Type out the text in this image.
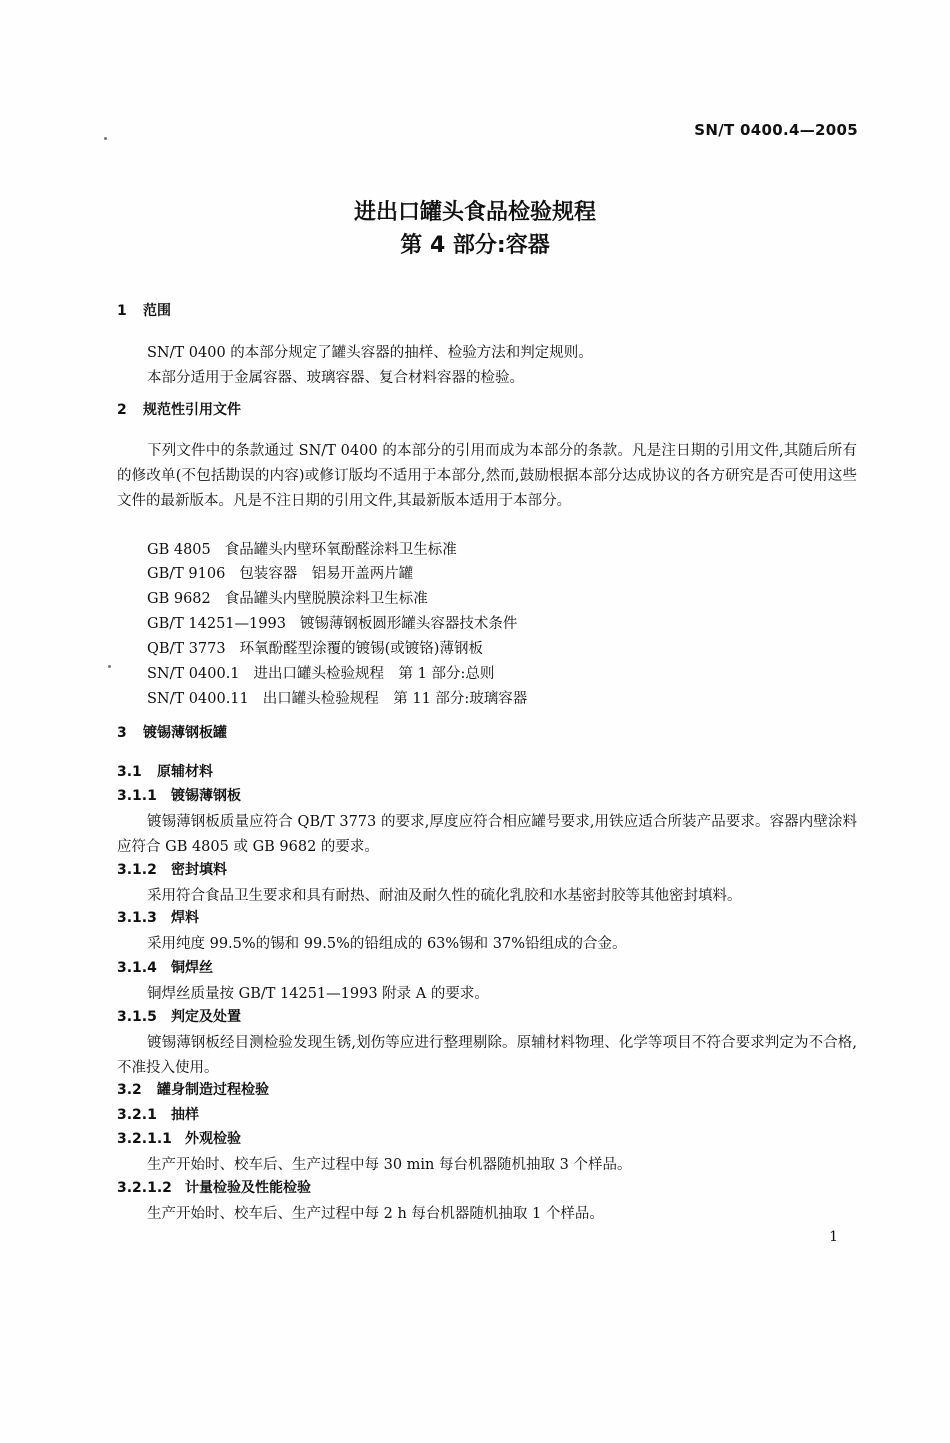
SN/T 0400.4—2005
进出口罐头食品检验规程
第 4 部分:容器
1 范围

SN/T 0400 的本部分规定了罐头容器的抽样、检验方法和判定规则。

本部分适用于金属容器、玻璃容器、复合材料容器的检验。

2 规范性引用文件

下列文件中的条款通过 SN/T 0400 的本部分的引用而成为本部分的条款。凡是注日期的引用文件,其随后所有的修改单(不包括勘误的内容)或修订版均不适用于本部分,然而,鼓励根据本部分达成协议的各方研究是否可使用这些文件的最新版本。凡是不注日期的引用文件,其最新版本适用于本部分。

GB 4805 食品罐头内壁环氧酚醛涂料卫生标准
GB/T 9106 包装容器　铝易开盖两片罐
GB 9682 食品罐头内壁脱膜涂料卫生标准
GB/T 14251—1993 镀锡薄钢板圆形罐头容器技术条件
QB/T 3773 环氧酚醛型涂覆的镀锡(或镀铬)薄钢板
SN/T 0400.1 进出口罐头检验规程　第 1 部分:总则
SN/T 0400.11 出口罐头检验规程　第 11 部分:玻璃容器
3 镀锡薄钢板罐
3.1 原辅材料
3.1.1 镀锡薄钢板

镀锡薄钢板质量应符合 QB/T 3773 的要求,厚度应符合相应罐号要求,用铁应适合所装产品要求。容器内壁涂料应符合 GB 4805 或 GB 9682 的要求。

3.1.2 密封填料

采用符合食品卫生要求和具有耐热、耐油及耐久性的硫化乳胶和水基密封胶等其他密封填料。

3.1.3 焊料

采用纯度 99.5%的锡和 99.5%的铅组成的 63%锡和 37%铅组成的合金。

3.1.4 铜焊丝

铜焊丝质量按 GB/T 14251—1993 附录 A 的要求。

3.1.5 判定及处置

镀锡薄钢板经目测检验发现生锈,划伤等应进行整理剔除。原辅材料物理、化学等项目不符合要求判定为不合格,不准投入使用。

3.2 罐身制造过程检验
3.2.1 抽样
3.2.1.1 外观检验

生产开始时、校车后、生产过程中每 30 min 每台机器随机抽取 3 个样品。

3.2.1.2 计量检验及性能检验

生产开始时、校车后、生产过程中每 2 h 每台机器随机抽取 1 个样品。

1
